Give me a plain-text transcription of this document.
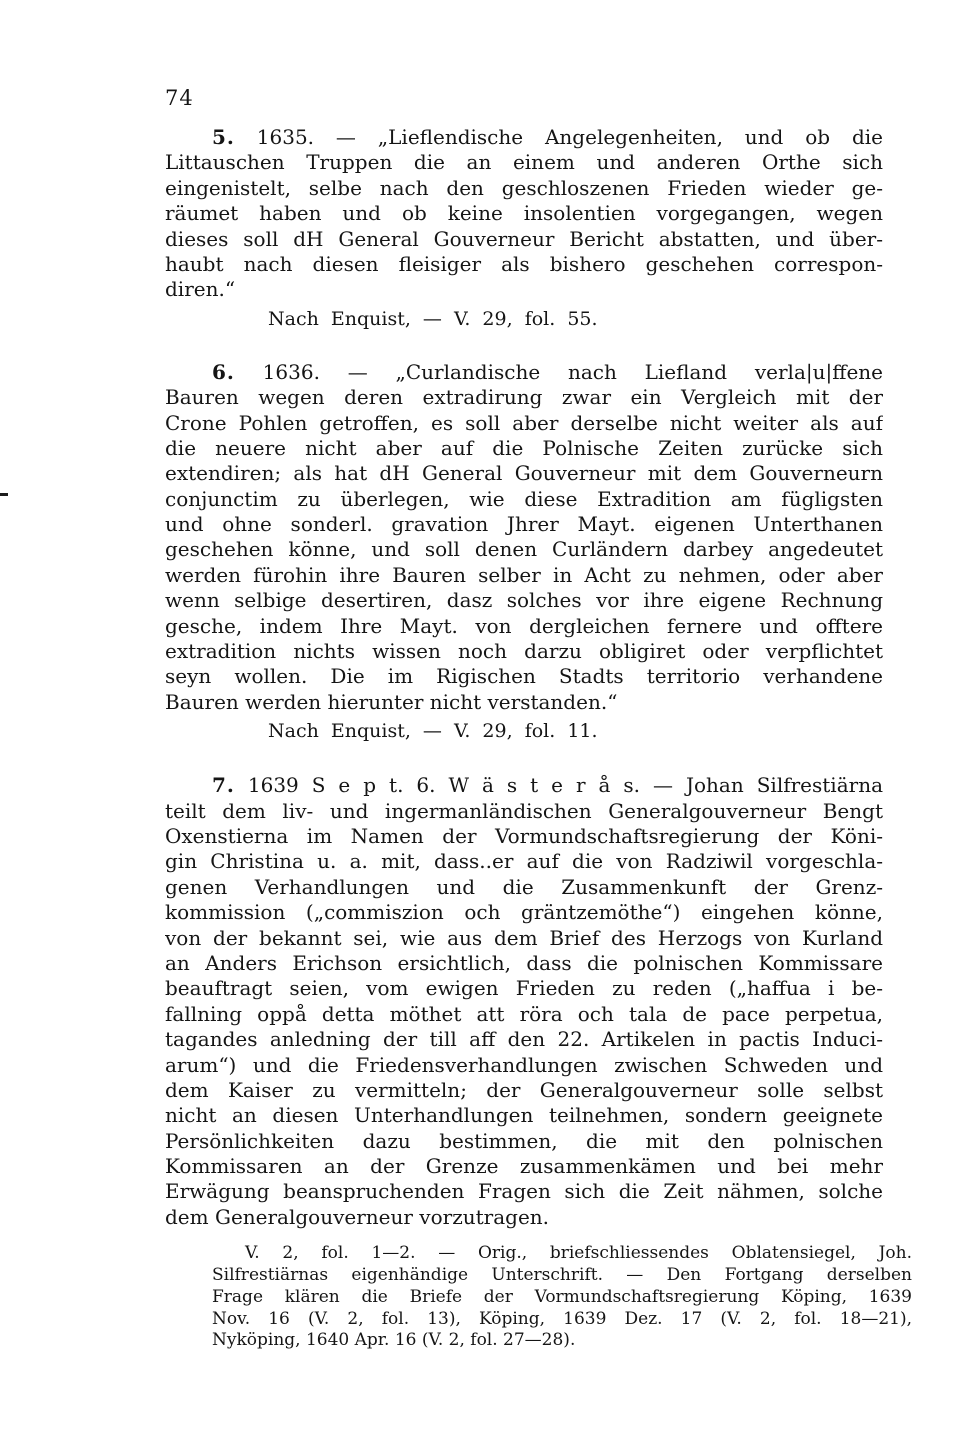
74
5. 1635. — „Lieflendische Angelegenheiten, und ob die
Littauschen Truppen die an einem und anderen Orthe sich
eingenistelt, selbe nach den geschloszenen Frieden wieder ge-
räumet haben und ob keine insolentien vorgegangen, wegen
dieses soll dH General Gouverneur Bericht abstatten, und über-
haubt nach diesen fleisiger als bishero geschehen correspon-
diren.“
Nach Enquist, — V. 29, fol. 55.
6. 1636. — „Curlandische nach Liefland verla|u|ffene
Bauren wegen deren extradirung zwar ein Vergleich mit der
Crone Pohlen getroffen, es soll aber derselbe nicht weiter als auf
die neuere nicht aber auf die Polnische Zeiten zurücke sich
extendiren; als hat dH General Gouverneur mit dem Gouverneurn
conjunctim zu überlegen, wie diese Extradition am fügligsten
und ohne sonderl. gravation Jhrer Mayt. eigenen Unterthanen
geschehen könne, und soll denen Curländern darbey angedeutet
werden fürohin ihre Bauren selber in Acht zu nehmen, oder aber
wenn selbige desertiren, dasz solches vor ihre eigene Rechnung
gesche, indem Ihre Mayt. von dergleichen fernere und offtere
extradition nichts wissen noch darzu obligiret oder verpflichtet
seyn wollen. Die im Rigischen Stadts territorio verhandene
Bauren werden hierunter nicht verstanden.“
Nach Enquist, — V. 29, fol. 11.
7. 1639 S e p t. 6. W ä s t e r å s. — Johan Silfrestiärna
teilt dem liv- und ingermanländischen Generalgouverneur Bengt
Oxenstierna im Namen der Vormundschaftsregierung der Köni-
gin Christina u. a. mit, dass..er auf die von Radziwil vorgeschla-
genen Verhandlungen und die Zusammenkunft der Grenz-
kommission („commiszion och gräntzemöthe“) eingehen könne,
von der bekannt sei, wie aus dem Brief des Herzogs von Kurland
an Anders Erichson ersichtlich, dass die polnischen Kommissare
beauftragt seien, vom ewigen Frieden zu reden („haffua i be-
fallning oppå detta möthet att röra och tala de pace perpetua,
tagandes anledning der till aff den 22. Artikelen in pactis Induci-
arum“) und die Friedensverhandlungen zwischen Schweden und
dem Kaiser zu vermitteln; der Generalgouverneur solle selbst
nicht an diesen Unterhandlungen teilnehmen, sondern geeignete
Persönlichkeiten dazu bestimmen, die mit den polnischen
Kommissaren an der Grenze zusammenkämen und bei mehr
Erwägung beanspruchenden Fragen sich die Zeit nähmen, solche
dem Generalgouverneur vorzutragen.
V. 2, fol. 1—2. — Orig., briefschliessendes Oblatensiegel, Joh.
Silfrestiärnas eigenhändige Unterschrift. — Den Fortgang derselben
Frage klären die Briefe der Vormundschaftsregierung Köping, 1639
Nov. 16 (V. 2, fol. 13), Köping, 1639 Dez. 17 (V. 2, fol. 18—21),
Nyköping, 1640 Apr. 16 (V. 2, fol. 27—28).
